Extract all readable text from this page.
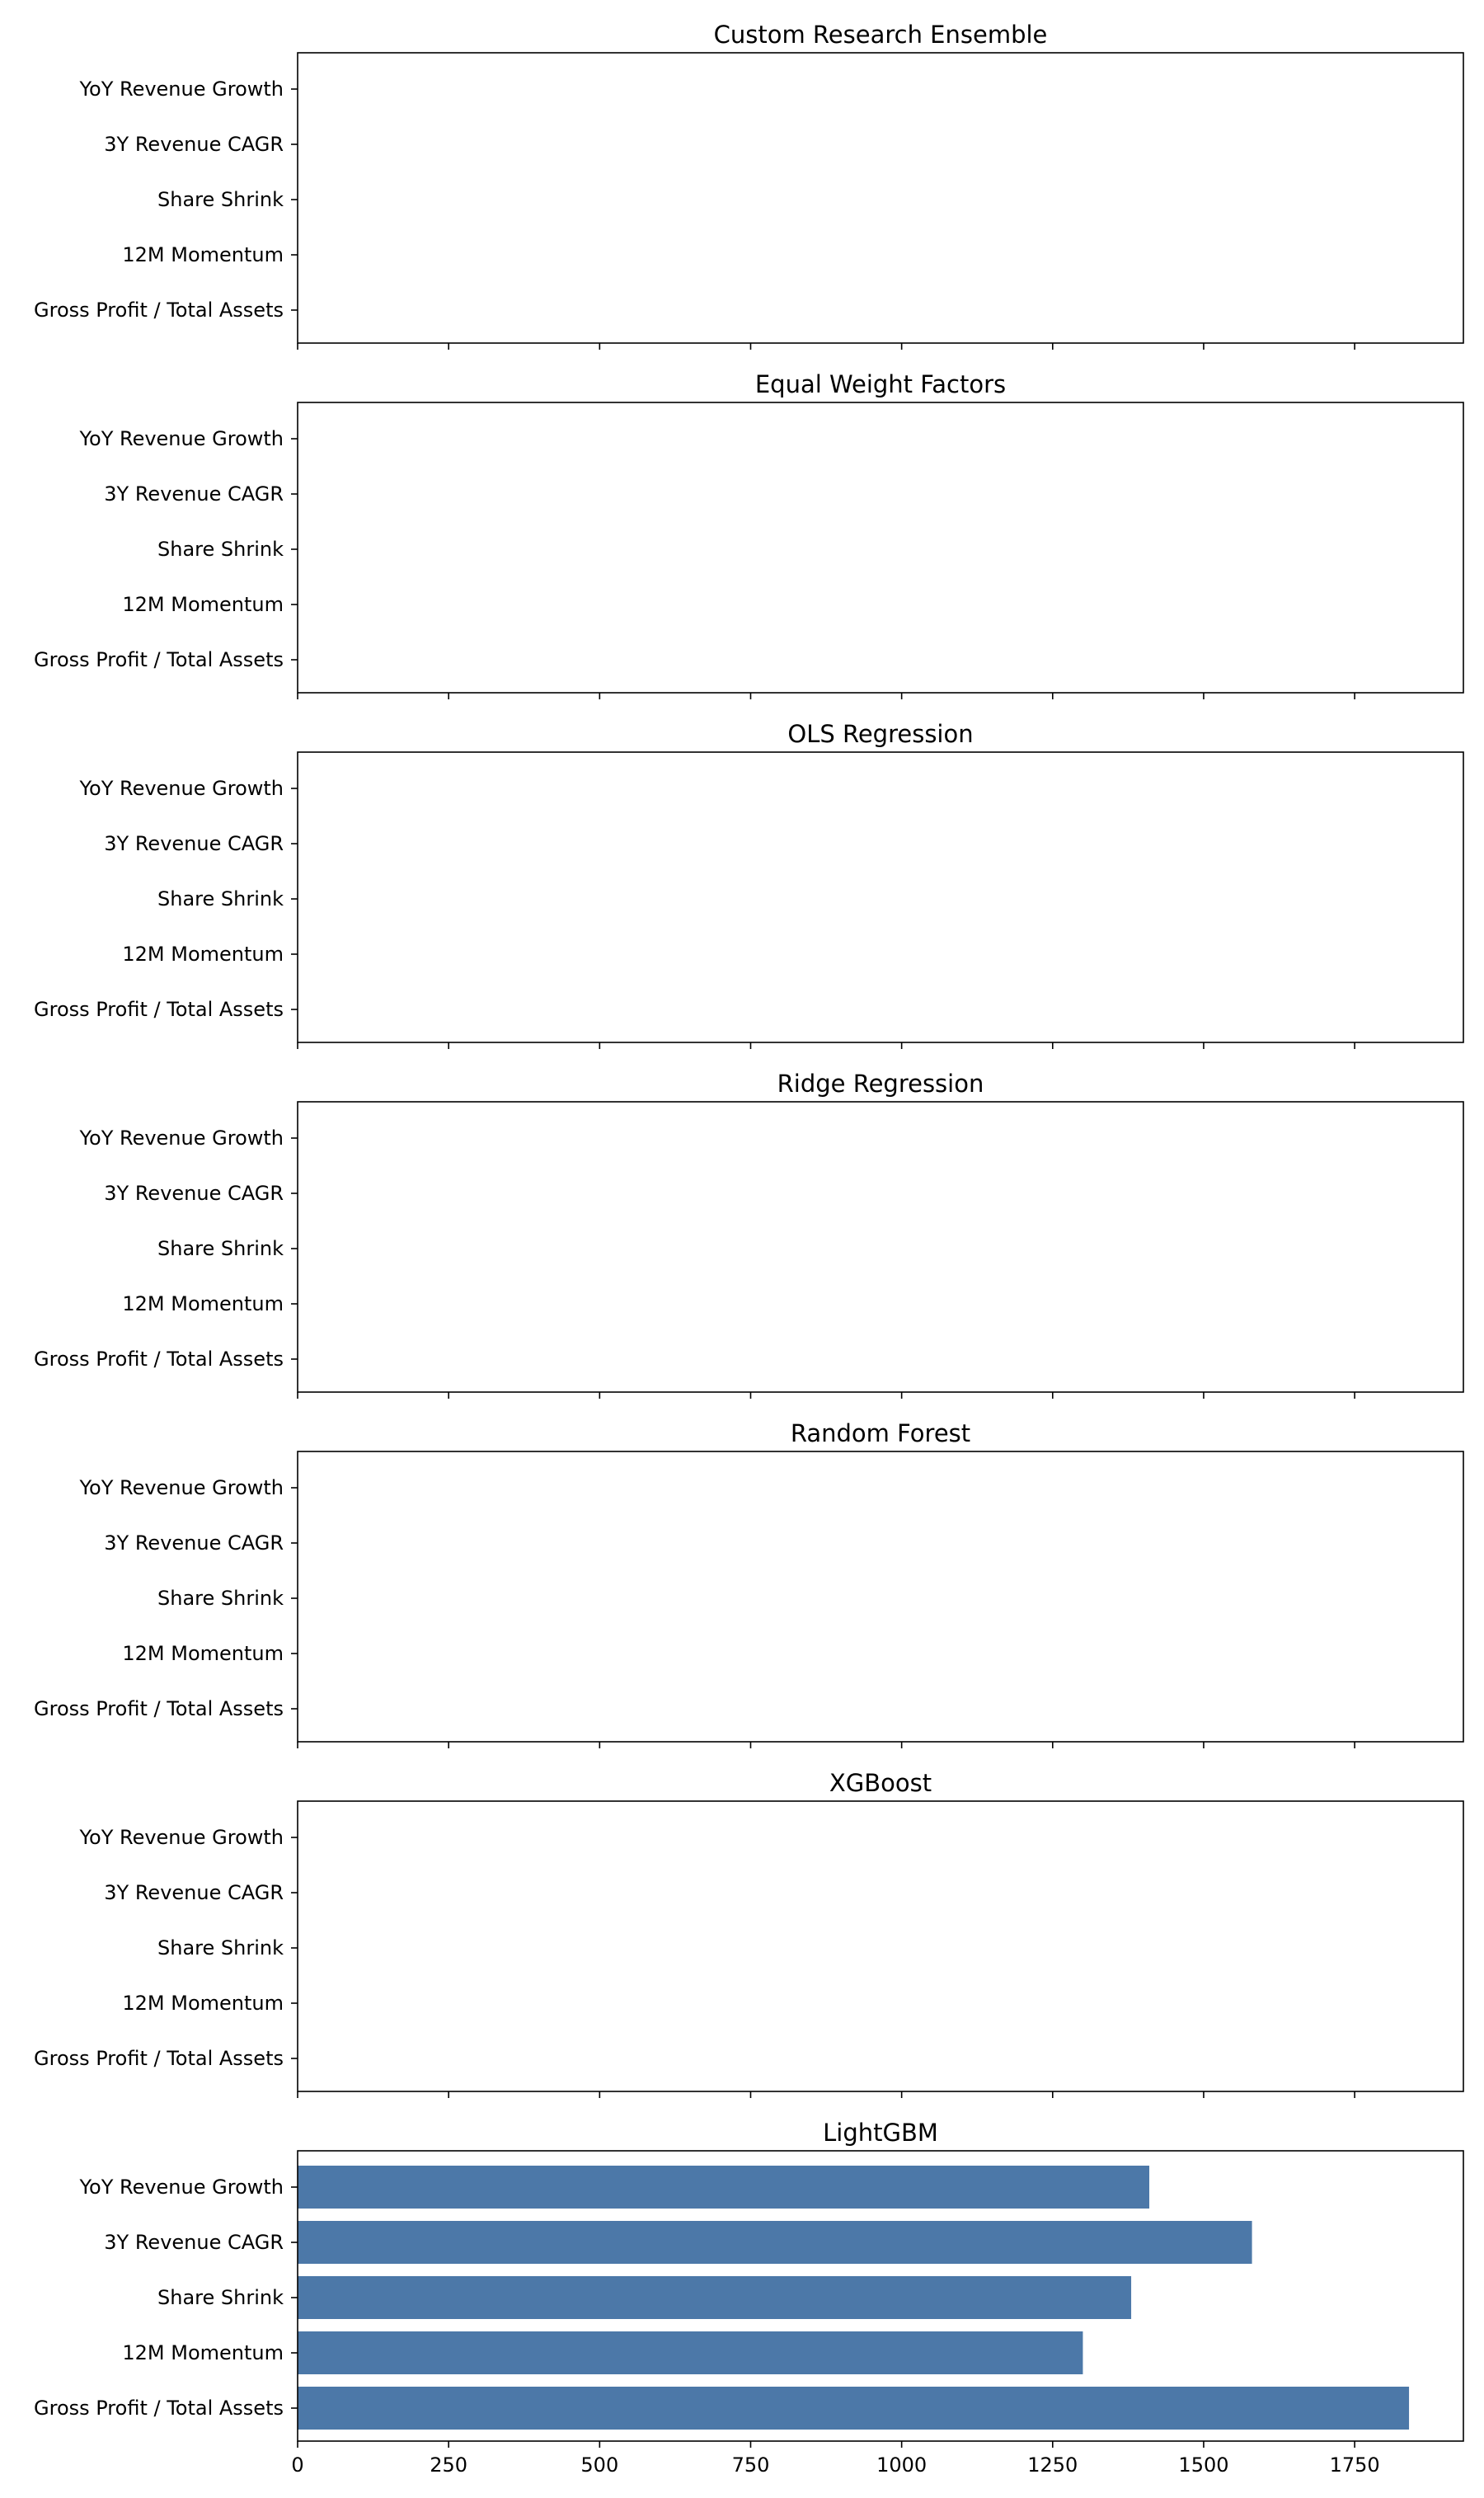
Custom Research Ensemble
YoY Revenue Growth
3Y Revenue CAGR
Share Shrink
12M Momentum
Gross Profit / Total Assets
Equal Weight Factors
YoY Revenue Growth
3Y Revenue CAGR
Share Shrink
12M Momentum
Gross Profit / Total Assets
OLS Regression
YoY Revenue Growth
3Y Revenue CAGR
Share Shrink
12M Momentum
Gross Profit / Total Assets
Ridge Regression
YoY Revenue Growth
3Y Revenue CAGR
Share Shrink
12M Momentum
Gross Profit / Total Assets
Random Forest
YoY Revenue Growth
3Y Revenue CAGR
Share Shrink
12M Momentum
Gross Profit / Total Assets
XGBoost
YoY Revenue Growth
3Y Revenue CAGR
Share Shrink
12M Momentum
Gross Profit / Total Assets
LightGBM
YoY Revenue Growth
3Y Revenue CAGR
Share Shrink
12M Momentum
Gross Profit / Total Assets
0	250	500	750	1000	1250	1500	1750
